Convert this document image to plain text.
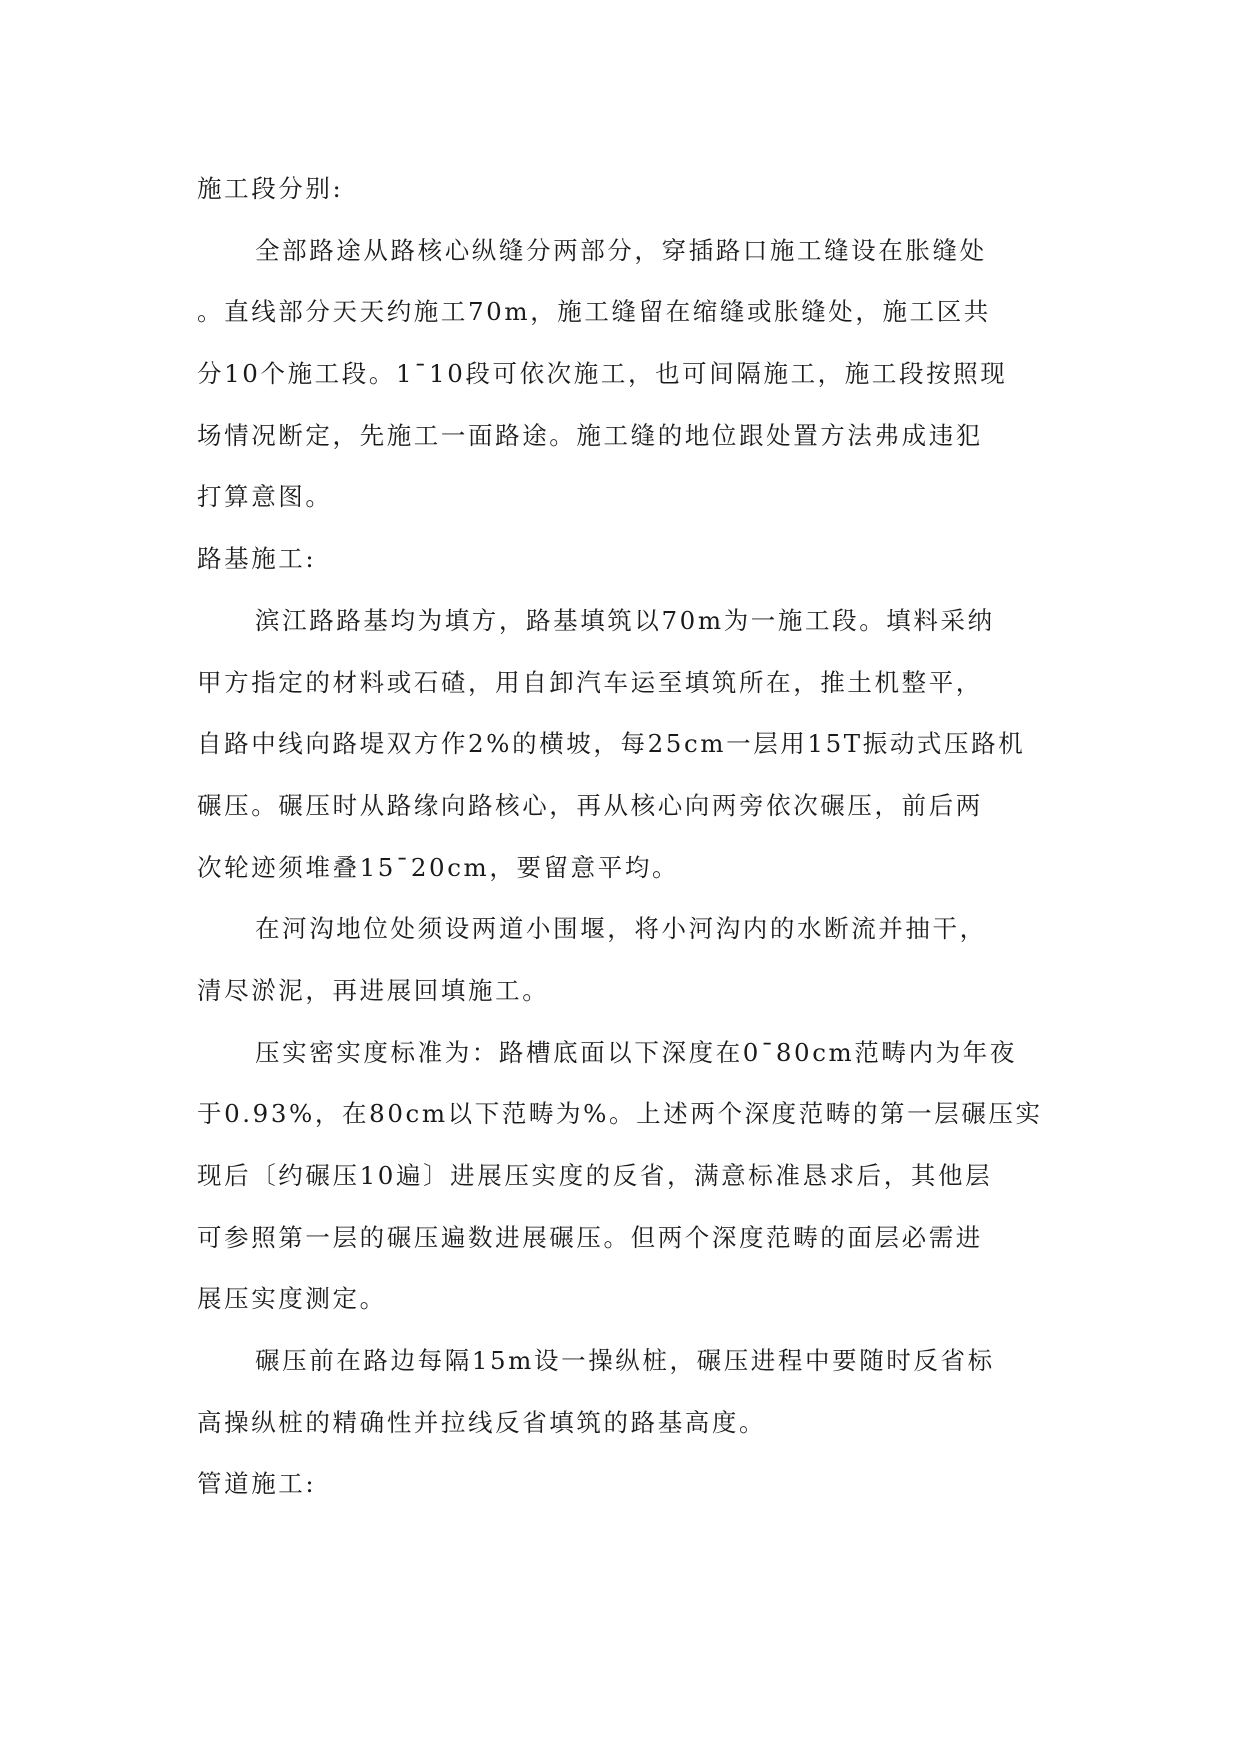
施工段分别:
全部路途从路核心纵缝分两部分，穿插路口施工缝设在胀缝处
。直线部分天天约施工70m，施工缝留在缩缝或胀缝处，施工区共
分10个施工段。1¯10段可依次施工，也可间隔施工，施工段按照现
场情况断定，先施工一面路途。施工缝的地位跟处置方法弗成违犯
打算意图。
路基施工:
滨江路路基均为填方，路基填筑以70m为一施工段。填料采纳
甲方指定的材料或石碴，用自卸汽车运至填筑所在，推土机整平，
自路中线向路堤双方作2%的横坡，每25cm一层用15T振动式压路机
碾压。碾压时从路缘向路核心，再从核心向两旁依次碾压，前后两
次轮迹须堆叠15¯20cm，要留意平均。
在河沟地位处须设两道小围堰，将小河沟内的水断流并抽干，
清尽淤泥，再进展回填施工。
压实密实度标准为：路槽底面以下深度在0¯80cm范畴内为年夜
于0.93%，在80cm以下范畴为%。上述两个深度范畴的第一层碾压实
现后〔约碾压10遍〕进展压实度的反省，满意标准恳求后，其他层
可参照第一层的碾压遍数进展碾压。但两个深度范畴的面层必需进
展压实度测定。
碾压前在路边每隔15m设一操纵桩，碾压进程中要随时反省标
高操纵桩的精确性并拉线反省填筑的路基高度。
管道施工:
